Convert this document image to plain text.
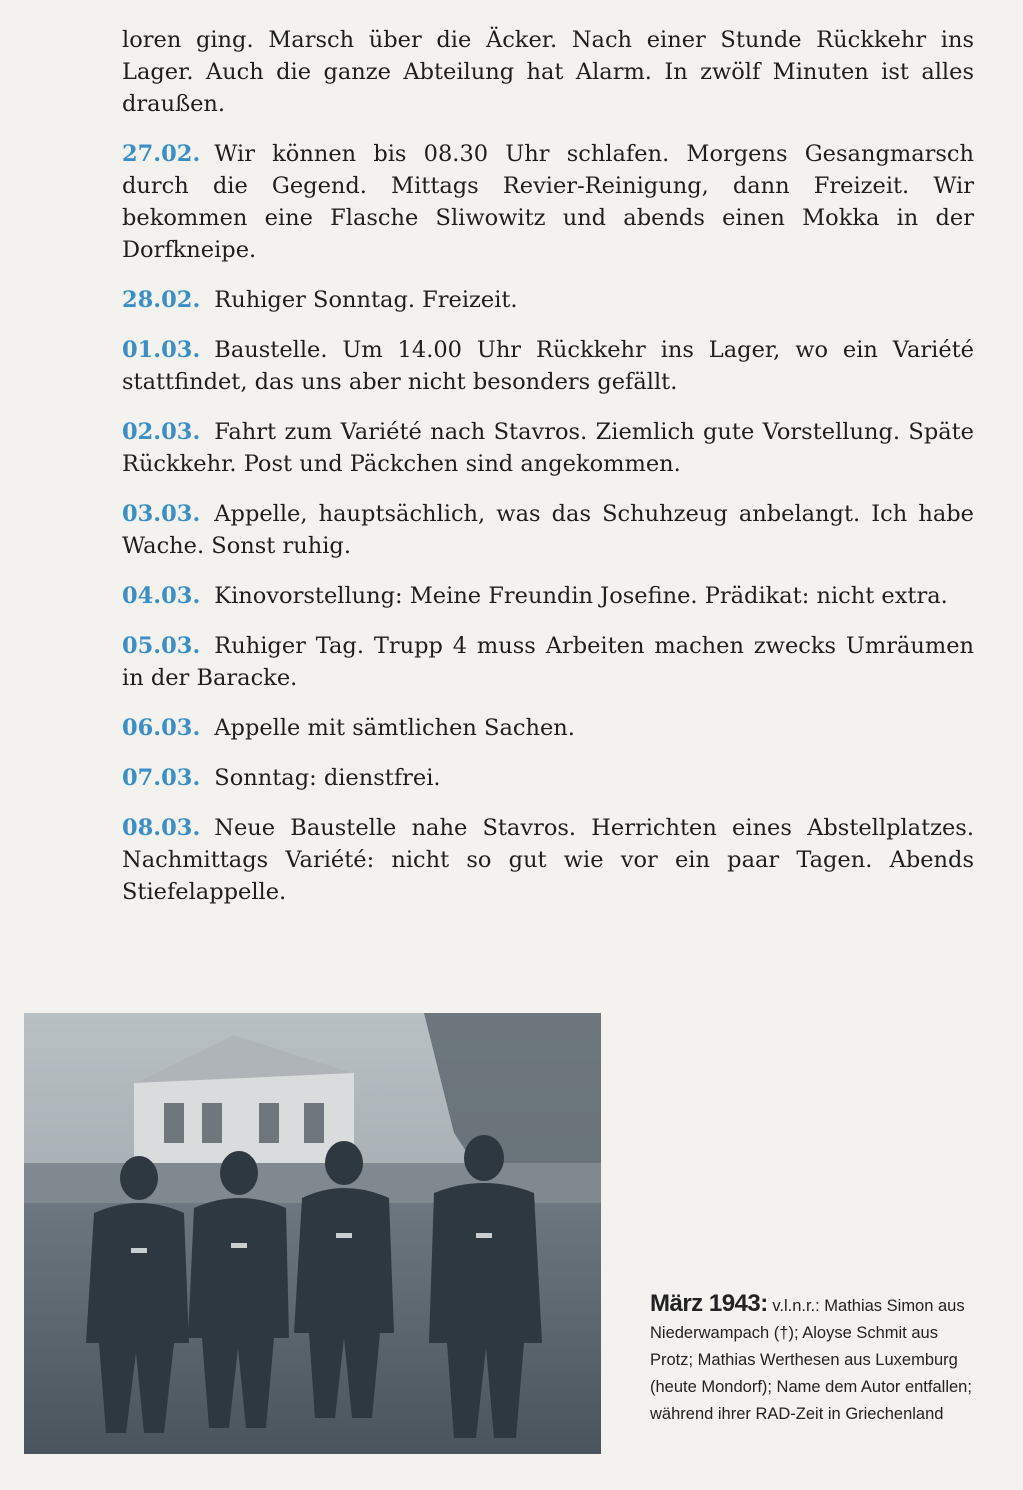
loren ging. Marsch über die Äcker. Nach einer Stunde Rückkehr ins Lager. Auch die ganze Abteilung hat Alarm. In zwölf Minuten ist alles draußen.

27.02. Wir können bis 08.30 Uhr schlafen. Morgens Gesangmarsch durch die Gegend. Mittags Revier-Reinigung, dann Freizeit. Wir bekommen eine Flasche Sliwowitz und abends einen Mokka in der Dorfkneipe.

28.02. Ruhiger Sonntag. Freizeit.

01.03. Baustelle. Um 14.00 Uhr Rückkehr ins Lager, wo ein Variété stattfindet, das uns aber nicht besonders gefällt.

02.03. Fahrt zum Variété nach Stavros. Ziemlich gute Vorstellung. Späte Rückkehr. Post und Päckchen sind angekommen.

03.03. Appelle, hauptsächlich, was das Schuhzeug anbelangt. Ich habe Wache. Sonst ruhig.

04.03. Kinovorstellung: Meine Freundin Josefine. Prädikat: nicht extra.

05.03. Ruhiger Tag. Trupp 4 muss Arbeiten machen zwecks Umräumen in der Baracke.

06.03. Appelle mit sämtlichen Sachen.

07.03. Sonntag: dienstfrei.

08.03. Neue Baustelle nahe Stavros. Herrichten eines Abstellplatzes. Nachmittags Variété: nicht so gut wie vor ein paar Tagen. Abends Stiefelappelle.

März 1943: v.l.n.r.: Mathias Simon aus Niederwampach (†); Aloyse Schmit aus Protz; Mathias Werthesen aus Luxemburg (heute Mondorf); Name dem Autor entfallen; während ihrer RAD-Zeit in Griechenland
